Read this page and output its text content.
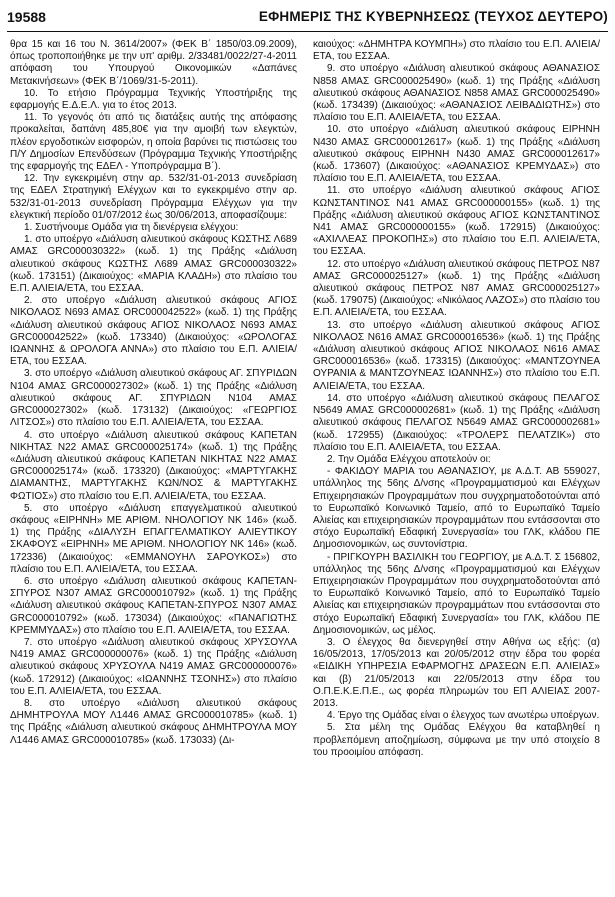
19588	ΕΦΗΜΕΡΙΣ ΤΗΣ ΚΥΒΕΡΝΗΣΕΩΣ (ΤΕΥΧΟΣ ΔΕΥΤΕΡΟ)

θρα 15 και 16 του Ν. 3614/2007» (ΦΕΚ Β΄ 1850/03.09.2009), όπως τροποποιήθηκε με την υπ' αριθμ. 2/33481/0022/27-4-2011 απόφαση του Υπουργού Οικονομικών «Δαπάνες Μετακινήσεων» (ΦΕΚ Β΄/1069/31-5-2011).

10. Το ετήσιο Πρόγραμμα Τεχνικής Υποστήριξης της εφαρμογής Ε.Δ.Ε.Λ. για το έτος 2013.

11. Το γεγονός ότι από τις διατάξεις αυτής της απόφασης προκαλείται, δαπάνη 485,80€ για την αμοιβή των ελεγκτών, πλέον εργοδοτικών εισφορών, η οποία βαρύνει τις πιστώσεις του Π/Υ Δημοσίων Επενδύσεων (Πρόγραμμα Τεχνικής Υποστήριξης της εφαρμογής της ΕΔΕΛ - Υποπρόγραμμα Β΄).

12. Την εγκεκριμένη στην αρ. 532/31-01-2013 συνεδρίαση της ΕΔΕΛ Στρατηγική Ελέγχων και το εγκεκριμένο στην αρ. 532/31-01-2013 συνεδρίαση Πρόγραμμα Ελέγχων για την ελεγκτική περίοδο 01/07/2012 έως 30/06/2013, αποφασίζουμε:

1. Συστήνουμε Ομάδα για τη διενέργεια ελέγχου:

1. στο υποέργο «Διάλυση αλιευτικού σκάφους ΚΩΣΤΗΣ Λ689 ΑΜΑΣ GRC000030322» (κωδ. 1) της Πράξης «Διάλυση αλιευτικού σκάφους ΚΩΣΤΗΣ Λ689 ΑΜΑΣ GRC000030322» (κωδ. 173151) (Δικαιούχος: «ΜΑΡΙΑ ΚΛΑΔΗ») στο πλαίσιο του Ε.Π. ΑΛΙΕΙΑ/ΕΤΑ, του ΕΣΣΑΑ.

2. στο υποέργο «Διάλυση αλιευτικού σκάφους ΑΓΙΟΣ ΝΙΚΟΛΑΟΣ Ν693 ΑΜΑΣ ORC000042522» (κωδ. 1) της Πράξης «Διάλυση αλιευτικού σκάφους ΑΓΙΟΣ ΝΙΚΟΛΑΟΣ Ν693 ΑΜΑΣ GRC000042522» (κωδ. 173340) (Δικαιούχος: «ΩΡΟΛΟΓΑΣ ΙΩΑΝΝΗΣ & ΩΡΟΛΟΓΑ ΑΝΝΑ») στο πλαίσιο του Ε.Π. ΑΛΙΕΙΑ/ΕΤΑ, του ΕΣΣΑΑ.

3. στο υποέργο «Διάλυση αλιευτικού σκάφους ΑΓ. ΣΠΥΡΙΔΩΝ Ν104 ΑΜΑΣ GRC000027302» (κωδ. 1) της Πράξης «Διάλυση αλιευτικού σκάφους ΑΓ. ΣΠΥΡΙΔΩΝ Ν104 ΑΜΑΣ GRC000027302» (κωδ. 173132) (Δικαιούχος: «ΓΕΩΡΓΙΟΣ ΛΙΤΣΟΣ») στο πλαίσιο του Ε.Π. ΑΛΙΕΙΑ/ΕΤΑ, του ΕΣΣΑΑ.

4. στο υποέργο «Διάλυση αλιευτικού σκάφους ΚΑΠΕΤΑΝ ΝΙΚΗΤΑΣ Ν22 ΑΜΑΣ GRC000025174» (κωδ. 1) της Πράξης «Διάλυση αλιευτικού σκάφους ΚΑΠΕΤΑΝ ΝΙΚΗΤΑΣ Ν22 ΑΜΑΣ GRC000025174» (κωδ. 173320) (Δικαιούχος: «ΜΑΡΤΥΓΑΚΗΣ ΔΙΑΜΑΝΤΗΣ, ΜΑΡΤΥΓΑΚΗΣ ΚΩΝ/ΝΟΣ & ΜΑΡΤΥΓΑΚΗΣ ΦΩΤΙΟΣ») στο πλαίσιο του Ε.Π. ΑΛΙΕΙΑ/ΕΤΑ, του ΕΣΣΑΑ.

5. στο υποέργο «Διάλυση επαγγελματικού αλιευτικού σκάφους «ΕΙΡΗΝΗ» ΜΕ ΑΡΙΘΜ. ΝΗΟΛΟΓΙΟΥ ΝΚ 146» (κωδ. 1) της Πράξης «ΔΙΑΛΥΣΗ ΕΠΑΓΓΕΛΜΑΤΙΚΟΥ ΑΛΙΕΥΤΙΚΟΥ ΣΚΑΦΟΥΣ «ΕΙΡΗΝΗ» ΜΕ ΑΡΙΘΜ. ΝΗΟΛΟΓΙΟΥ ΝΚ 146» (κωδ. 172336) (Δικαιούχος: «ΕΜΜΑΝΟΥΗΛ ΣΑΡΟΥΚΟΣ») στο πλαίσιο του Ε.Π. ΑΛΙΕΙΑ/ΕΤΑ, του ΕΣΣΑΑ.

6. στο υποέργο «Διάλυση αλιευτικού σκάφους ΚΑΠΕΤΑΝ-ΣΠΥΡΟΣ Ν307 ΑΜΑΣ GRC000010792» (κωδ. 1) της Πράξης «Διάλυση αλιευτικού σκάφους ΚΑΠΕΤΑΝ-ΣΠΥΡΟΣ Ν307 ΑΜΑΣ GRC000010792» (κωδ. 173034) (Δικαιούχος: «ΠΑΝΑΓΙΩΤΗΣ ΚΡΕΜΜΥΔΑΣ») στο πλαίσιο του Ε.Π. ΑΛΙΕΙΑ/ΕΤΑ, του ΕΣΣΑΑ.

7. στο υποέργο «Διάλυση αλιευτικού σκάφους ΧΡΥΣΟΥΛΑ Ν419 ΑΜΑΣ GRC000000076» (κωδ. 1) της Πράξης «Διάλυση αλιευτικού σκάφους ΧΡΥΣΟΥΛΑ Ν419 ΑΜΑΣ GRC000000076» (κωδ. 172912) (Δικαιούχος: «ΙΩΑΝΝΗΣ ΤΣΟΝΗΣ») στο πλαίσιο του Ε.Π. ΑΛΙΕΙΑ/ΕΤΑ, του ΕΣΣΑΑ.

8. στο υποέργο «Διάλυση αλιευτικού σκάφους ΔΗΜΗΤΡΟΥΛΑ ΜΟΥ Λ1446 ΑΜΑΣ GRC000010785» (κωδ. 1) της Πράξης «Διάλυση αλιευτικού σκάφους ΔΗΜΗΤΡΟΥΛΑ ΜΟΥ Λ1446 ΑΜΑΣ GRC000010785» (κωδ. 173033) (Δι-

καιούχος: «ΔΗΜΗΤΡΑ ΚΟΥΜΠΗ») στο πλαίσιο του Ε.Π. ΑΛΙΕΙΑ/ΕΤΑ, του ΕΣΣΑΑ.

9. στο υποέργο «Διάλυση αλιευτικού σκάφους ΑΘΑΝΑΣΙΟΣ Ν858 ΑΜΑΣ GRC000025490» (κωδ. 1) της Πράξης «Διάλυση αλιευτικού σκάφους ΑΘΑΝΑΣΙΟΣ Ν858 ΑΜΑΣ GRC000025490» (κωδ. 173439) (Δικαιούχος: «ΑΘΑΝΑΣΙΟΣ ΛΕΙΒΑΔΙΩΤΗΣ») στο πλαίσιο του Ε.Π. ΑΛΙΕΙΑ/ΕΤΑ, του ΕΣΣΑΑ.

10. στο υποέργο «Διάλυση αλιευτικού σκάφους ΕΙΡΗΝΗ Ν430 ΑΜΑΣ GRC000012617» (κωδ. 1) της Πράξης «Διάλυση αλιευτικού σκάφους ΕΙΡΗΝΗ Ν430 ΑΜΑΣ GRC000012617» (κωδ. 173607) (Δικαιούχος: «ΑΘΑΝΑΣΙΟΣ ΚΡΕΜΥΔΑΣ») στο πλαίσιο του Ε.Π. ΑΛΙΕΙΑ/ΕΤΑ, του ΕΣΣΑΑ.

11. στο υποέργο «Διάλυση αλιευτικού σκάφους ΑΓΙΟΣ ΚΩΝΣΤΑΝΤΙΝΟΣ Ν41 ΑΜΑΣ GRC000000155» (κωδ. 1) της Πράξης «Διάλυση αλιευτικού σκάφους ΑΓΙΟΣ ΚΩΝΣΤΑΝΤΙΝΟΣ Ν41 ΑΜΑΣ GRC000000155» (κωδ. 172915) (Δικαιούχος: «ΑΧΙΛΛΕΑΣ ΠΡΟΚΟΠΗΣ») στο πλαίσιο του Ε.Π. ΑΛΙΕΙΑ/ΕΤΑ, του ΕΣΣΑΑ.

12. στο υποέργο «Διάλυση αλιευτικού σκάφους ΠΕΤΡΟΣ Ν87 ΑΜΑΣ GRC000025127» (κωδ. 1) της Πράξης «Διάλυση αλιευτικού σκάφους ΠΕΤΡΟΣ Ν87 ΑΜΑΣ GRC000025127» (κωδ. 179075) (Δικαιούχος: «Νικόλαος ΛΑΖΟΣ») στο πλαίσιο του Ε.Π. ΑΛΙΕΙΑ/ΕΤΑ, του ΕΣΣΑΑ.

13. στο υποέργο «Διάλυση αλιευτικού σκάφους ΑΓΙΟΣ ΝΙΚΟΛΑΟΣ Ν616 ΑΜΑΣ GRC000016536» (κωδ. 1) της Πράξης «Διάλυση αλιευτικού σκάφους ΑΓΙΟΣ ΝΙΚΟΛΑΟΣ Ν616 ΑΜΑΣ GRC000016536» (κωδ. 173315) (Δικαιούχος: «ΜΑΝΤΖΟΥΝΕΑ ΟΥΡΑΝΙΑ & ΜΑΝΤΖΟΥΝΕΑΣ ΙΩΑΝΝΗΣ») στο πλαίσιο του Ε.Π. ΑΛΙΕΙΑ/ΕΤΑ, του ΕΣΣΑΑ.

14. στο υποέργο «Διάλυση αλιευτικού σκάφους ΠΕΛΑΓΟΣ Ν5649 ΑΜΑΣ GRC000002681» (κωδ. 1) της Πράξης «Διάλυση αλιευτικού σκάφους ΠΕΛΑΓΟΣ Ν5649 ΑΜΑΣ GRC000002681» (κωδ. 172955) (Δικαιούχος: «ΤΡΟΛΕΡΣ ΠΕΛΑΤΖΙΚ») στο πλαίσιο του Ε.Π. ΑΛΙΕΙΑ/ΕΤΑ, του ΕΣΣΑΑ.

2. Την Ομάδα Ελέγχου αποτελούν οι:

- ΦΑΚΙΔΟΥ ΜΑΡΙΑ του ΑΘΑΝΑΣΙΟΥ, με Α.Δ.Τ. ΑΒ 559027, υπάλληλος της 56ης Δ/νσης «Προγραμματισμού και Ελέγχων Επιχειρησιακών Προγραμμάτων που συγχρηματοδοτούνται από το Ευρωπαϊκό Κοινωνικό Ταμείο, από το Ευρωπαϊκό Ταμείο Αλιείας και επιχειρησιακών προγραμμάτων που εντάσσονται στο στόχο Ευρωπαϊκή Εδαφική Συνεργασία» του ΓΛΚ, κλάδου ΠΕ Δημοσιονομικών, ως συντονίστρια.

- ΠΡΙΓΚΟΥΡΗ ΒΑΣΙΛΙΚΗ του ΓΕΩΡΓΙΟΥ, με Α.Δ.Τ. Σ 156802, υπάλληλος της 56ης Δ/νσης «Προγραμματισμού και Ελέγχων Επιχειρησιακών Προγραμμάτων που συγχρηματοδοτούνται από το Ευρωπαϊκό Κοινωνικό Ταμείο, από το Ευρωπαϊκό Ταμείο Αλιείας και επιχειρησιακών προγραμμάτων που εντάσσονται στο στόχο Ευρωπαϊκή Εδαφική Συνεργασία» του ΓΛΚ, κλάδου ΠΕ Δημοσιονομικών, ως μέλος.

3. Ο έλεγχος θα διενεργηθεί στην Αθήνα ως εξής: (α) 16/05/2013, 17/05/2013 και 20/05/2012 στην έδρα του φορέα «ΕΙΔΙΚΗ ΥΠΗΡΕΣΙΑ ΕΦΑΡΜΟΓΗΣ ΔΡΑΣΕΩΝ Ε.Π. ΑΛΙΕΙΑΣ» και (β) 21/05/2013 και 22/05/2013 στην έδρα του Ο.Π.Ε.Κ.Ε.Π.Ε., ως φορέα πληρωμών του ΕΠ ΑΛΙΕΙΑΣ 2007-2013.

4. Έργο της Ομάδας είναι ο έλεγχος των ανωτέρω υποέργων.

5. Στα μέλη της Ομάδας Ελέγχου θα καταβληθεί η προβλεπόμενη αποζημίωση, σύμφωνα με την υπό στοιχείο 8 του προοιμίου απόφαση.
